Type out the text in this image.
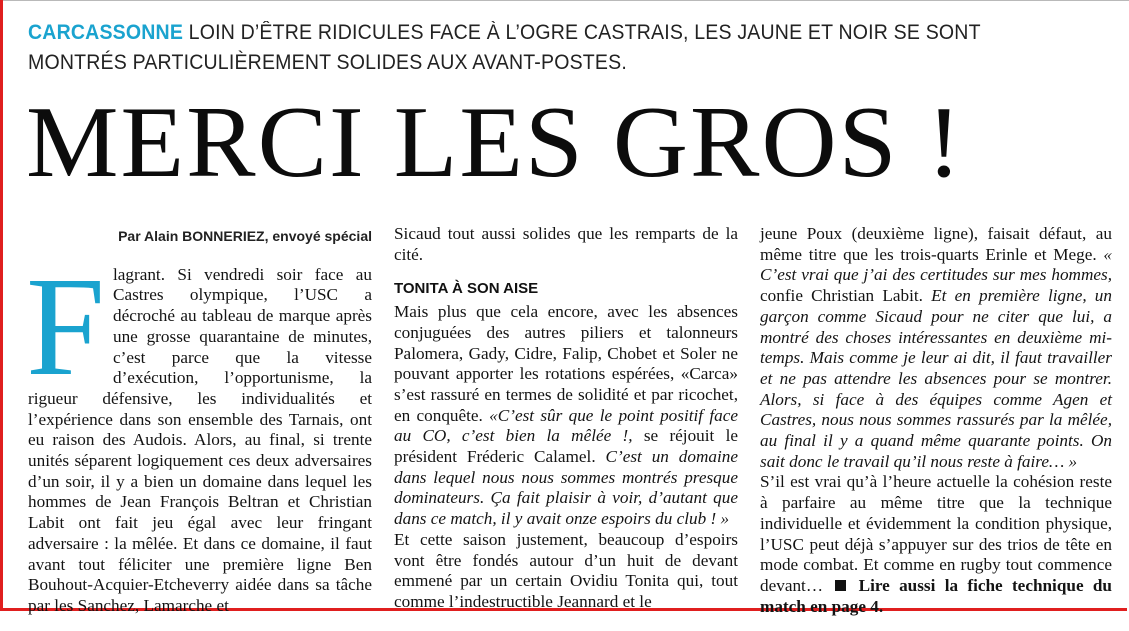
CARCASSONNE LOIN D’ÊTRE RIDICULES FACE À L’OGRE CASTRAIS, LES JAUNE ET NOIR SE SONT MONTRÉS PARTICULIÈREMENT SOLIDES AUX AVANT-POSTES.
MERCI LES GROS !
Par Alain BONNERIEZ, envoyé spécial

Flagrant. Si vendredi soir face au Castres olympique, l’USC a décroché au tableau de marque après une grosse quarantaine de minutes, c’est parce que la vitesse d’exécution, l’opportunisme, la rigueur défensive, les individualités et l’expérience dans son ensemble des Tarnais, ont eu raison des Audois. Alors, au final, si trente unités séparent logiquement ces deux adversaires d’un soir, il y a bien un domaine dans lequel les hommes de Jean François Beltran et Christian Labit ont fait jeu égal avec leur fringant adversaire : la mêlée. Et dans ce domaine, il faut avant tout féliciter une première ligne Ben Bouhout-Acquier-Etcheverry aidée dans sa tâche par les Sanchez, Lamarche et

Sicaud tout aussi solides que les remparts de la cité.

TONITA À SON AISE

Mais plus que cela encore, avec les absences conjuguées des autres piliers et talonneurs Palomera, Gady, Cidre, Falip, Chobet et Soler ne pouvant apporter les rotations espérées, «Carca» s’est rassuré en termes de solidité et par ricochet, en conquête. «C’est sûr que le point positif face au CO, c’est bien la mêlée !, se réjouit le président Fréderic Calamel. C’est un domaine dans lequel nous nous sommes montrés presque dominateurs. Ça fait plaisir à voir, d’autant que dans ce match, il y avait onze espoirs du club ! »

Et cette saison justement, beaucoup d’espoirs vont être fondés autour d’un huit de devant emmené par un certain Ovidiu Tonita qui, tout comme l’indestructible Jeannard et le

jeune Poux (deuxième ligne), faisait défaut, au même titre que les trois-quarts Erinle et Mege. « C’est vrai que j’ai des certitudes sur mes hommes, confie Christian Labit. Et en première ligne, un garçon comme Sicaud pour ne citer que lui, a montré des choses intéressantes en deuxième mi-temps. Mais comme je leur ai dit, il faut travailler et ne pas attendre les absences pour se montrer. Alors, si face à des équipes comme Agen et Castres, nous nous sommes rassurés par la mêlée, au final il y a quand même quarante points. On sait donc le travail qu’il nous reste à faire… »

S’il est vrai qu’à l’heure actuelle la cohésion reste à parfaire au même titre que la technique individuelle et évidemment la condition physique, l’USC peut déjà s’appuyer sur des trios de tête en mode combat. Et comme en rugby tout commence devant… Lire aussi la fiche technique du match en page 4.
